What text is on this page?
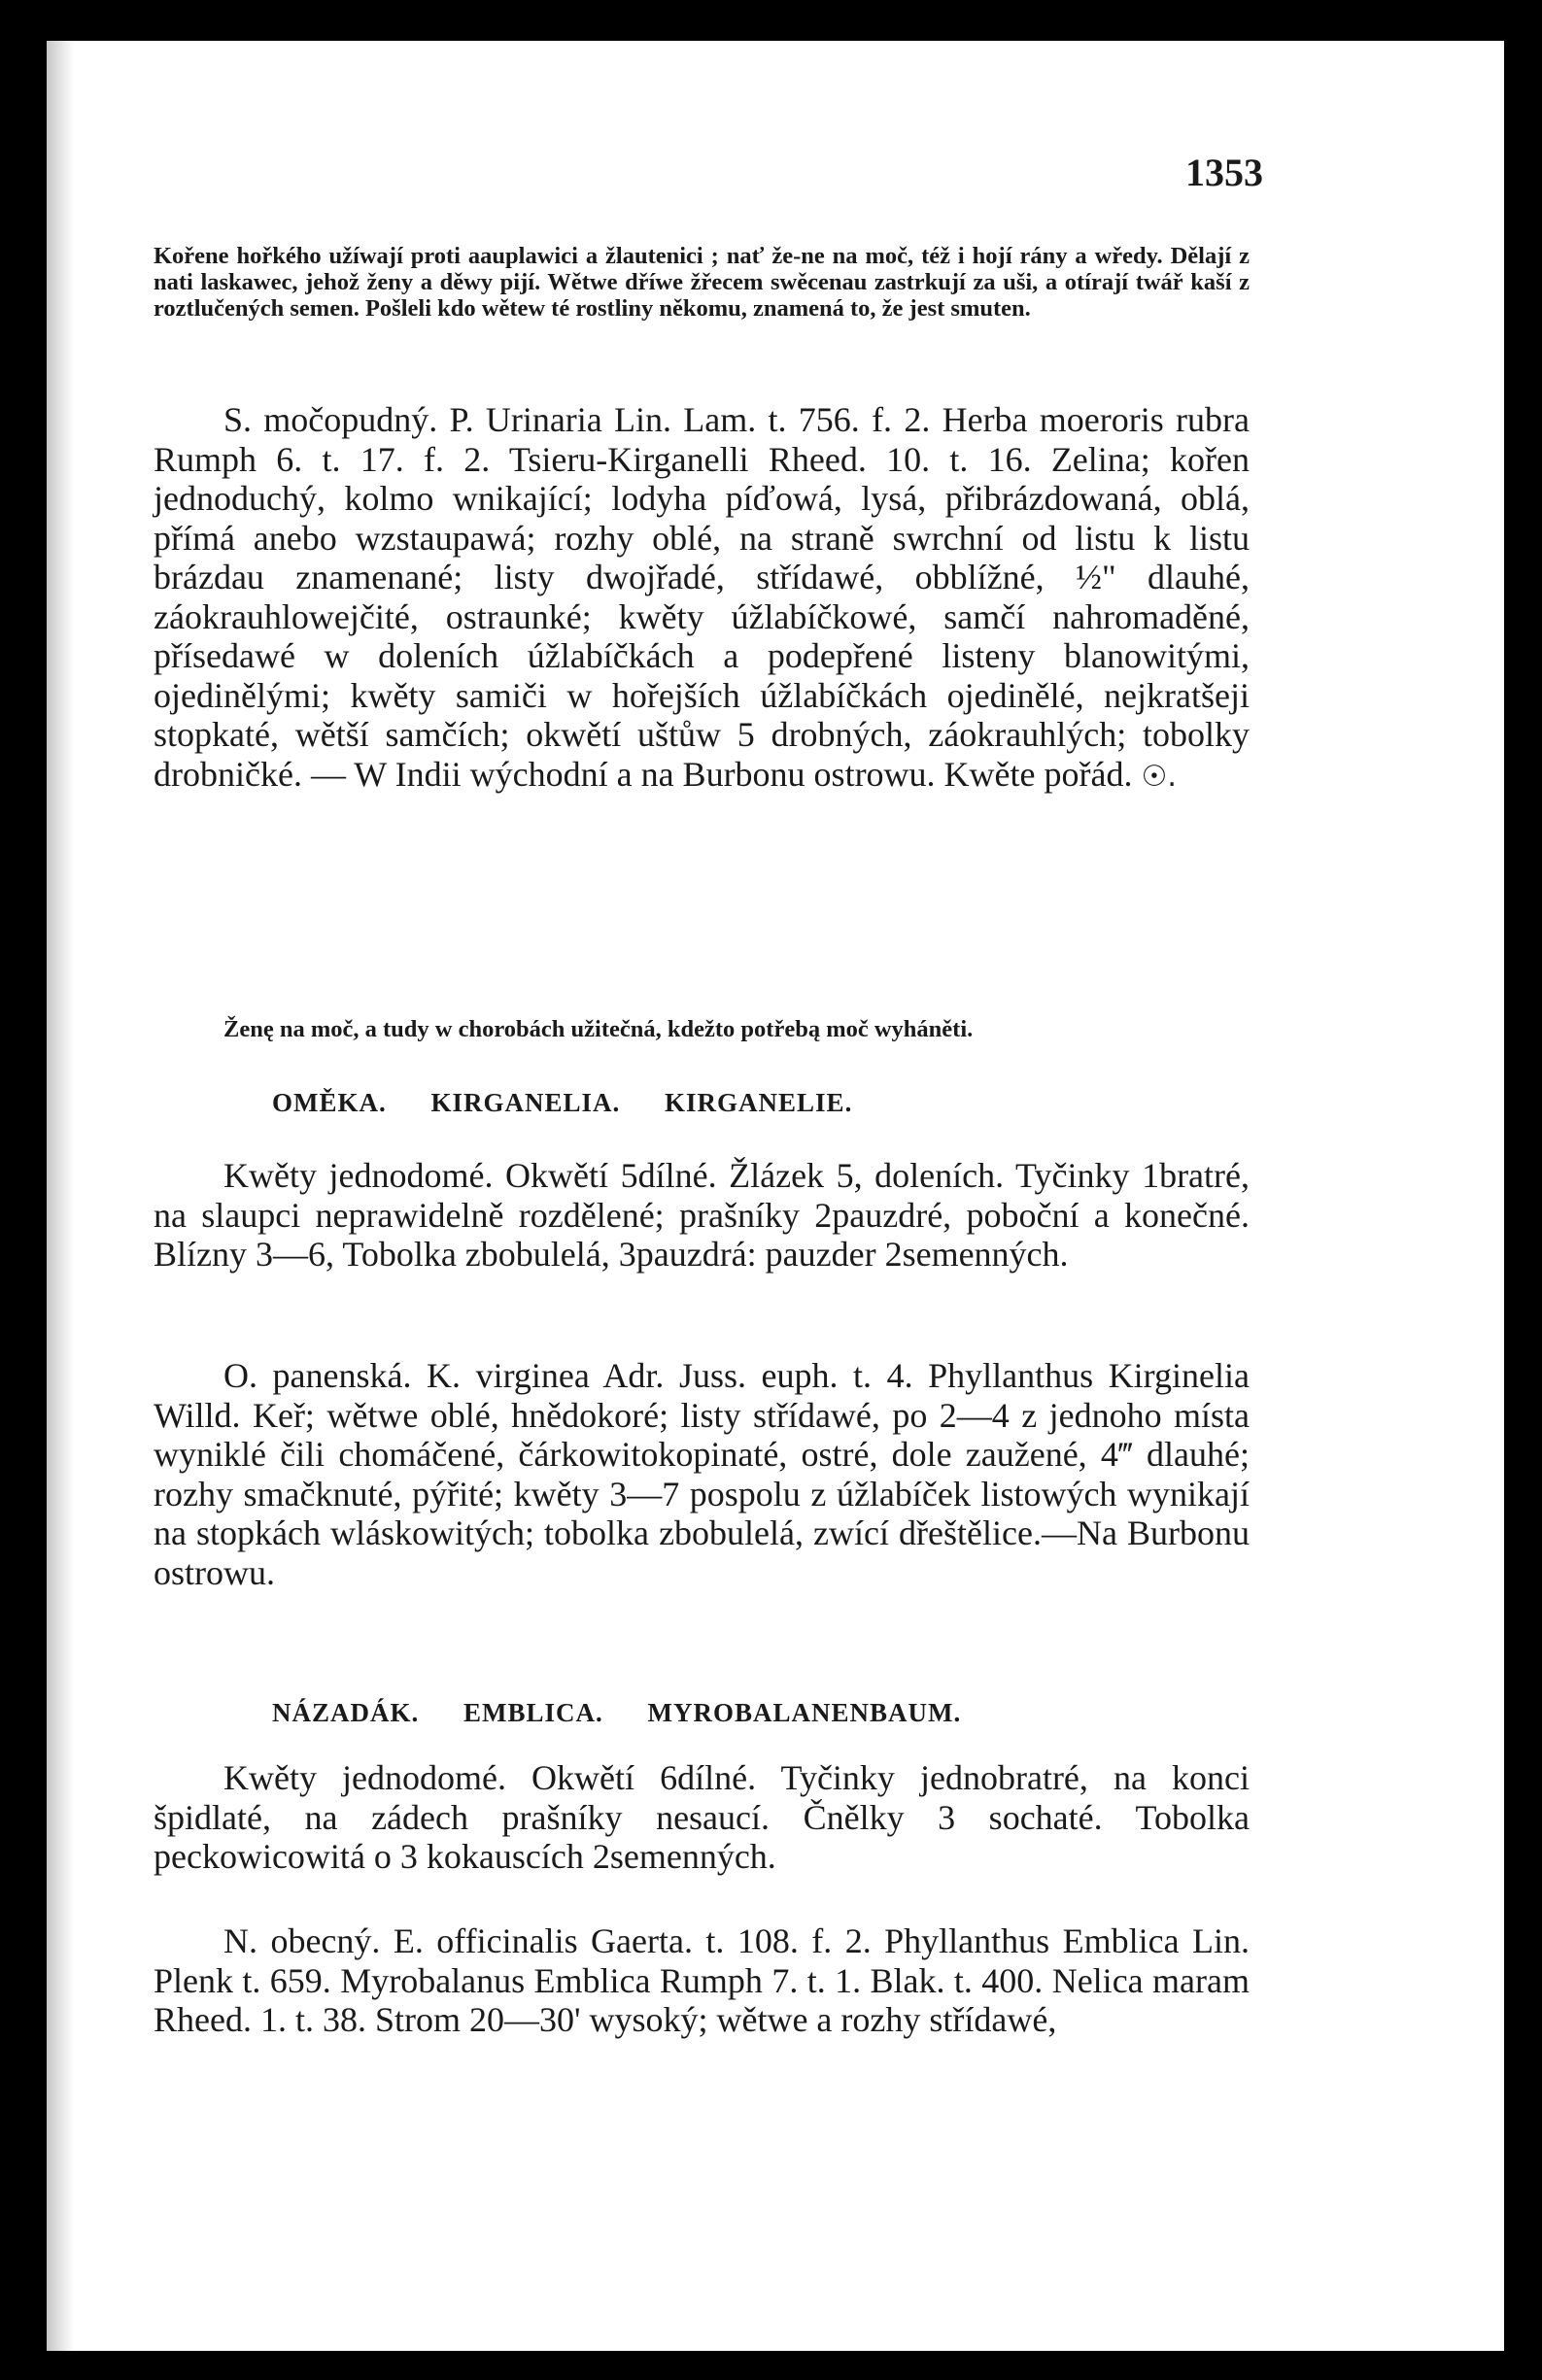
1353

Kořene hořkého užíwají proti aauplawici a žlautenici ; nať že-ne na moč, též i hojí rány a wředy. Dělají z nati laskawec, jehož ženy a děwy pijí. Wětwe dříwe žřecem swěcenau zastrkují za uši, a otírají twář kaší z roztlučených semen. Pošleli kdo wětew té rostliny někomu, znamená to, že jest smuten.

S. močopudný. P. Urinaria Lin. Lam. t. 756. f. 2. Herba moeroris rubra Rumph 6. t. 17. f. 2. Tsieru-Kirganelli Rheed. 10. t. 16. Zelina; kořen jednoduchý, kolmo wnikající; lodyha píďowá, lysá, přibrázdowaná, oblá, přímá anebo wzstaupawá; rozhy oblé, na straně swrchní od listu k listu brázdau znamenané; listy dwojřadé, střídawé, obblížné, ½" dlauhé, záokrauhlowejčité, ostraunké; kwěty úžlabíčkowé, samčí nahromaděné, přísedawé w doleních úžlabíčkách a podepřené listeny blanowitými, ojedinělými; kwěty samiči w hořejších úžlabíčkách ojedinělé, nejkratšeji stopkaté, wětší samčích; okwětí uštůw 5 drobných, záokrauhlých; tobolky drobničké. — W Indii wýchodní a na Burbonu ostrowu. Kwěte pořád. ☉.

Ženę na moč, a tudy w chorobách užitečná, kdežto potřebą moč wyháněti.

OMĚKA. KIRGANELIA. KIRGANELIE.

Kwěty jednodomé. Okwětí 5dílné. Žlázek 5, doleních. Tyčinky 1bratré, na slaupci neprawidelně rozdělené; prašníky 2pauzdré, poboční a konečné. Blízny 3—6, Tobolka zbobulelá, 3pauzdrá: pauzder 2semenných.

O. panenská. K. virginea Adr. Juss. euph. t. 4. Phyllanthus Kirginelia Willd. Keř; wětwe oblé, hnědokoré; listy střídawé, po 2—4 z jednoho místa wyniklé čili chomáčené, čárkowitokopinaté, ostré, dole zaužené, 4‴ dlauhé; rozhy smačknuté, pýřité; kwěty 3—7 pospolu z úžlabíček listowých wynikají na stopkách wláskowitých; tobolka zbobulelá, zwící dřeštělice.—Na Burbonu ostrowu.

NÁZADÁK. EMBLICA. MYROBALANENBAUM.

Kwěty jednodomé. Okwětí 6dílné. Tyčinky jednobratré, na konci špidlaté, na zádech prašníky nesaucí. Čnělky 3 sochaté. Tobolka peckowicowitá o 3 kokauscích 2semenných.

N. obecný. E. officinalis Gaerta. t. 108. f. 2. Phyllanthus Emblica Lin. Plenk t. 659. Myrobalanus Emblica Rumph 7. t. 1. Blak. t. 400. Nelica maram Rheed. 1. t. 38. Strom 20—30' wysoký; wětwe a rozhy střídawé,
